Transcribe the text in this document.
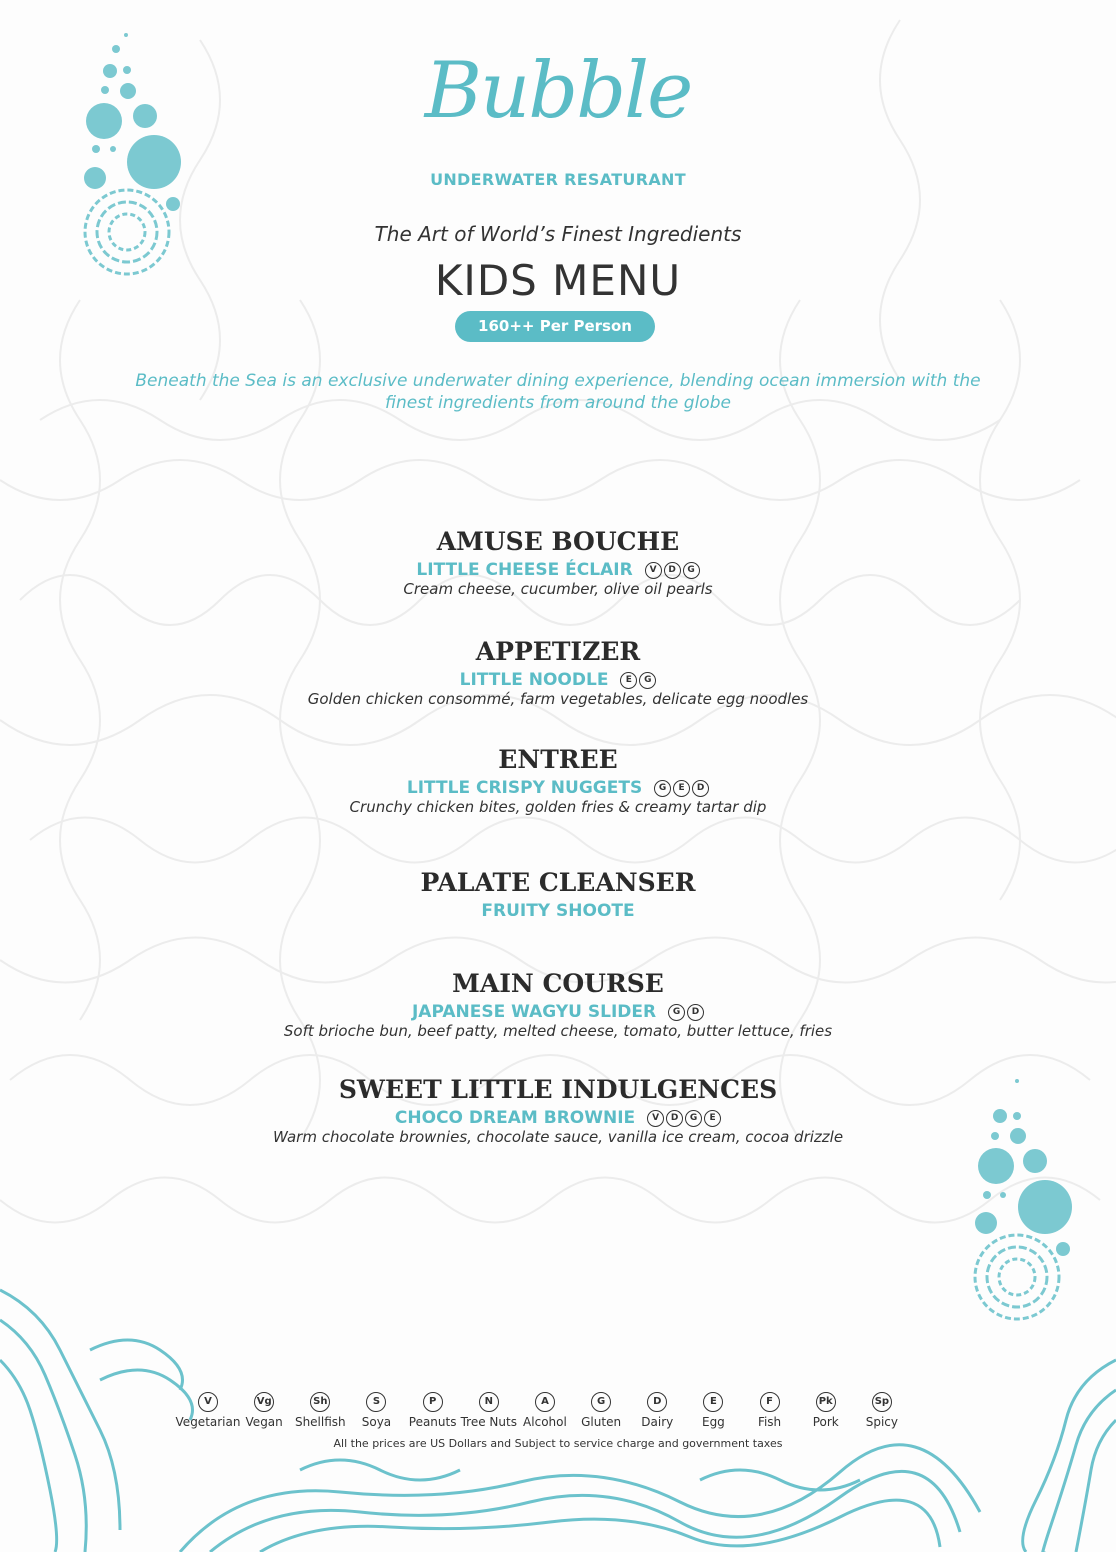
Bubble
UNDERWATER RESATURANT
The Art of World’s Finest Ingredients
KIDS MENU
160++ Per Person
Beneath the Sea is an exclusive underwater dining experience, blending ocean immersion with the
finest ingredients from around the globe
AMUSE BOUCHE
LITTLE CHEESE ÉCLAIR V D G
Cream cheese, cucumber, olive oil pearls
APPETIZER
LITTLE NOODLE E G
Golden chicken consommé, farm vegetables, delicate egg noodles
ENTREE
LITTLE CRISPY NUGGETS G E D
Crunchy chicken bites, golden fries & creamy tartar dip
PALATE CLEANSER
FRUITY SHOOTE
MAIN COURSE
JAPANESE WAGYU SLIDER G D
Soft brioche bun, beef patty, melted cheese, tomato, butter lettuce, fries
SWEET LITTLE INDULGENCES
CHOCO DREAM BROWNIE V D G E
Warm chocolate brownies, chocolate sauce, vanilla ice cream, cocoa drizzle
V
Vegetarian
Vg
Vegan
Sh
Shellfish
S
Soya
P
Peanuts
N
Tree Nuts
A
Alcohol
G
Gluten
D
Dairy
E
Egg
F
Fish
Pk
Pork
Sp
Spicy
All the prices are US Dollars and Subject to service charge and government taxes
